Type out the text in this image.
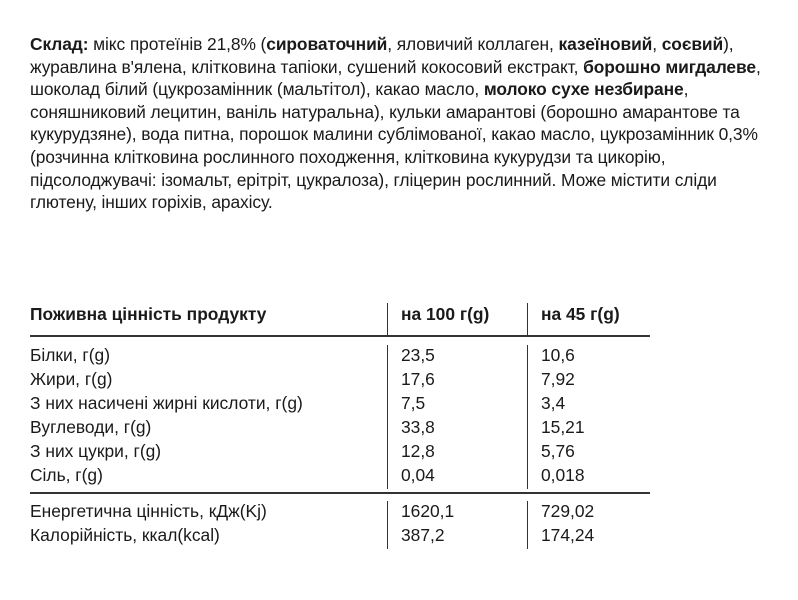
Склад: мікс протеїнів 21,8% (сироваточний, яловичий коллаген, казеїновий, соєвий), журавлина в'ялена, клітковина тапіоки, сушений кокосовий екстракт, борошно мигдалеве, шоколад білий (цукрозамінник (мальтітол), какао масло, молоко сухе незбиране, соняшниковий лецитин, ваніль натуральна), кульки амарантові (борошно амарантове та кукурудзяне), вода питна, порошок малини сублімованої, какао масло, цукрозамінник 0,3% (розчинна клітковина рослинного походження, клітковина кукурудзи та цикорію, підсолоджувачі: ізомальт, ерітріт, цукралоза), гліцерин рослинний. Може містити сліди глютену, інших горіхів, арахісу.
Поживна цінність продукту	на 100 г(g)	на 45 г(g)
Білки, г(g)	23,5	10,6
Жири, г(g)	17,6	7,92
З них насичені жирні кислоти, г(g)	7,5	3,4
Вуглеводи, г(g)	33,8	15,21
З них цукри, г(g)	12,8	5,76
Сіль, г(g)	0,04	0,018
Енергетична цінність, кДж(Kj)	1620,1	729,02
Калорійність, ккал(kcal)	387,2	174,24
